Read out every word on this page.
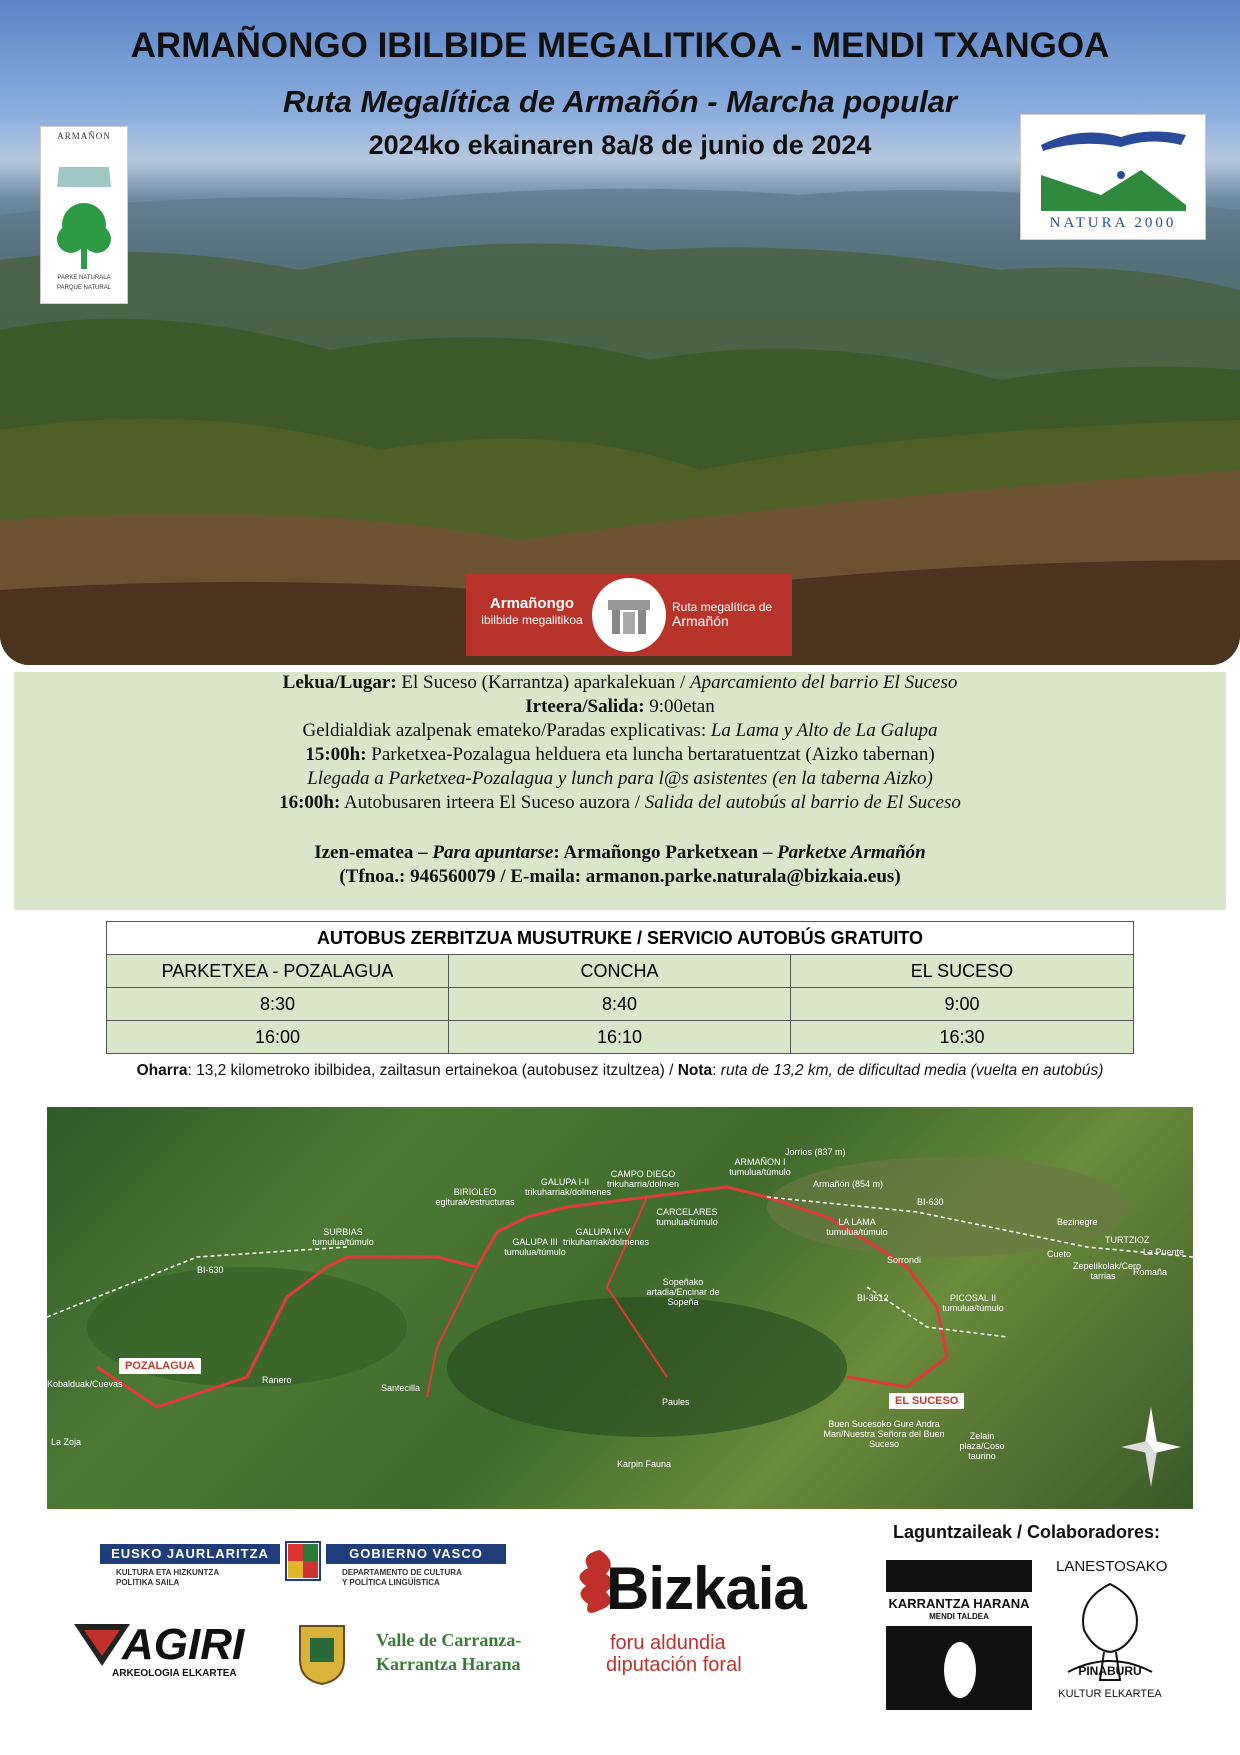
ARMAÑONGO IBILBIDE MEGALITIKOA - MENDI TXANGOA
Ruta Megalítica de Armañón - Marcha popular
2024ko ekainaren 8a/8 de junio de 2024
ARMAÑON
PARKE NATURALA
PARQUE NATURAL
NATURA 2000
Armañongo
ibilbide megalitikoa
Ruta megalítica de
Armañón
Lekua/Lugar: El Suceso (Karrantza) aparkalekuan / Aparcamiento del barrio El Suceso
Irteera/Salida: 9:00etan
Geldialdiak azalpenak emateko/Paradas explicativas: La Lama y Alto de La Galupa
15:00h: Parketxea-Pozalagua helduera eta luncha bertaratuentzat (Aizko tabernan)
Llegada a Parketxea-Pozalagua y lunch para l@s asistentes (en la taberna Aizko)
16:00h: Autobusaren irteera El Suceso auzora / Salida del autobús al barrio de El Suceso
Izen-ematea – Para apuntarse: Armañongo Parketxean – Parketxe Armañón
(Tfnoa.: 946560079 / E-maila: armanon.parke.naturala@bizkaia.eus)
AUTOBUS ZERBITZUA MUSUTRUKE / SERVICIO AUTOBÚS GRATUITO		
PARKETXEA - POZALAGUA	CONCHA	EL SUCESO
8:30	8:40	9:00
16:00	16:10	16:30
Oharra: 13,2 kilometroko ibilbidea, zailtasun ertainekoa (autobusez itzultzea) / Nota: ruta de 13,2 km, de dificultad media (vuelta en autobús)
POZALAGUA
EL SUCESO
Jorrios (837 m)
Armañón (854 m)
ARMAÑON I tumulua/túmulo
LA LAMA tumulua/túmulo
CAMPO DIEGO trikuharria/dolmen
GALUPA I-II trikuharriak/dolmenes
BIRIOLEO egiturak/estructuras
SURBIAS tumulua/túmulo	GALUPA III tumulua/túmulo
GALUPA IV-V trikuharriak/dolmenes
CARCELARES tumulua/túmulo
Sopeñako artadia/Encinar de Sopeña	PICOSAL II tumulua/túmulo
Buen Sucesoko Gure Andra Mari/Nuestra Señora del Buen Suceso
Zelain plaza/Coso taurino
Karpin Fauna
Paules
Santecilla
Ranero
Kobalduak/Cuevas
La Zoja
Sorrondi
TURTZIOZ
La Puente
Romaña
Cueto
Bezinegre
Zepelíkolak/Cero tarrias
BI-630
BI-630
BI-3612
Laguntzaileak / Colaboradores:
EUSKO JAURLARITZA	GOBIERNO VASCO
KULTURA ETA HIZKUNTZA
POLITIKA SAILA
DEPARTAMENTO DE CULTURA
Y POLÍTICA LINGÜÍSTICA
AGIRI
ARKEOLOGIA ELKARTEA
Valle de Carranza-
Karrantza Harana
Bizkaia
foru aldundia
diputación foral
KARRANTZA HARANA
MENDI TALDEA
LANESTOSAKO
PINABURU
KULTUR ELKARTEA
